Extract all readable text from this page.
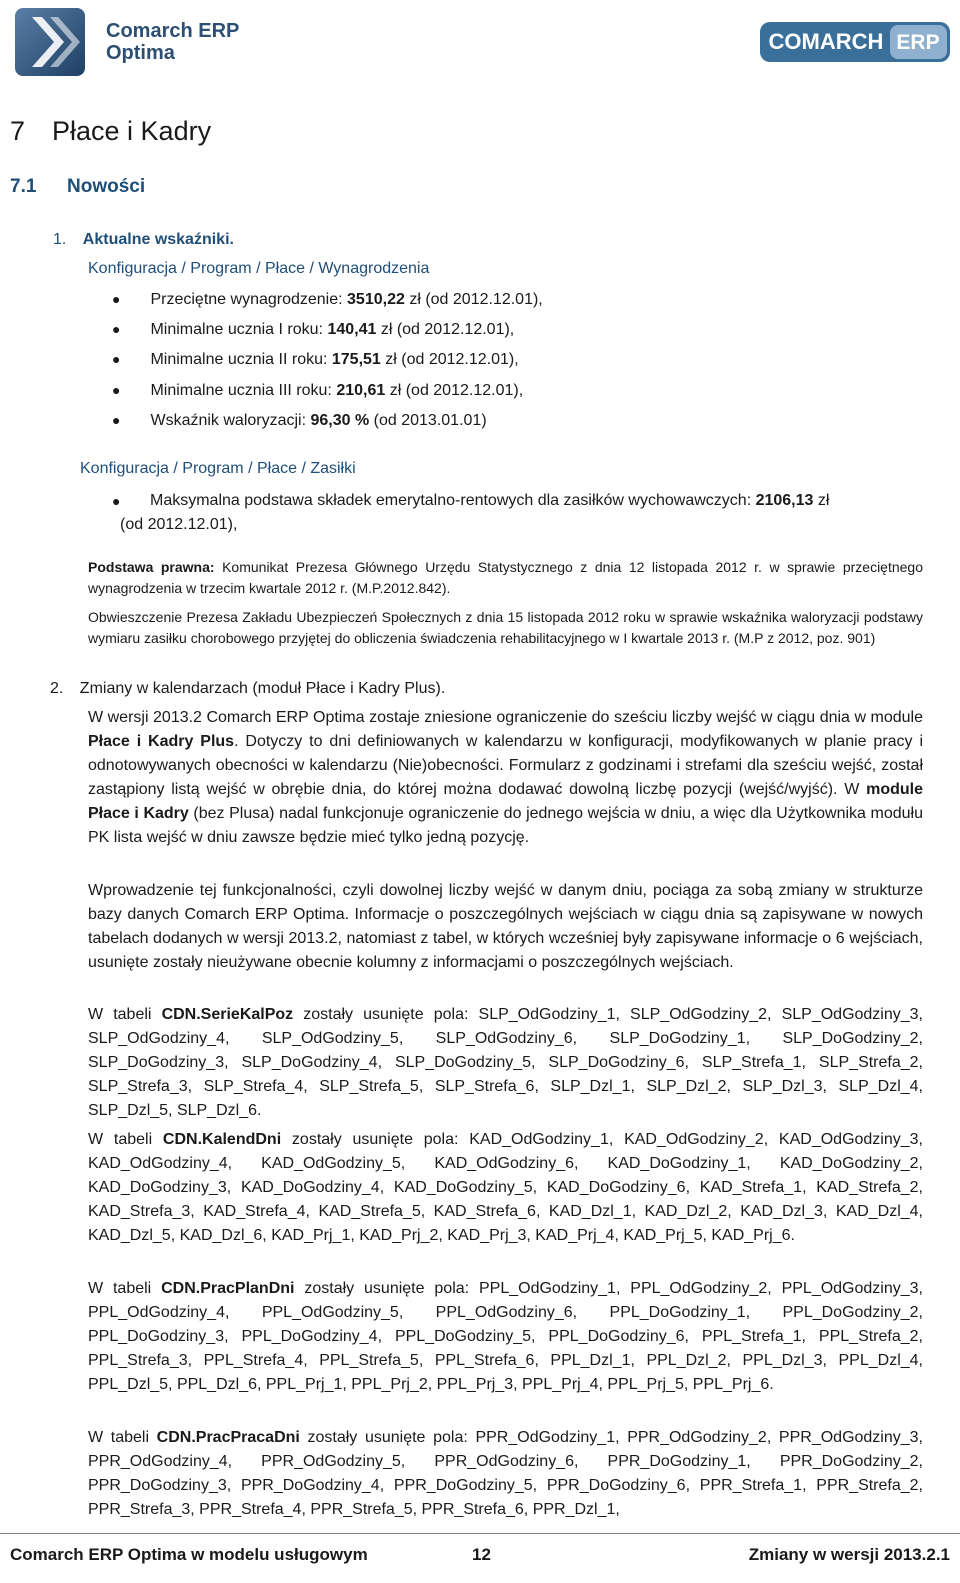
Comarch ERP
Optima	COMARCH ERP
7 Płace i Kadry
7.1 Nowości
1. Aktualne wskaźniki.
Konfiguracja / Program / Płace / Wynagrodzenia
● Przeciętne wynagrodzenie: 3510,22 zł (od 2012.12.01),
● Minimalne ucznia I roku: 140,41 zł (od 2012.12.01),
● Minimalne ucznia II roku: 175,51 zł (od 2012.12.01),
● Minimalne ucznia III roku: 210,61 zł (od 2012.12.01),
● Wskaźnik waloryzacji: 96,30 % (od 2013.01.01)
Konfiguracja / Program / Płace / Zasiłki
●	Maksymalna podstawa składek emerytalno-rentowych dla zasiłków wychowawczych: 2106,13 zł
(od 2012.12.01),
Podstawa prawna: Komunikat Prezesa Głównego Urzędu Statystycznego z dnia 12 listopada 2012 r. w sprawie przeciętnego wynagrodzenia w trzecim kwartale 2012 r. (M.P.2012.842).
Obwieszczenie Prezesa Zakładu Ubezpieczeń Społecznych z dnia 15 listopada 2012 roku w sprawie wskaźnika waloryzacji podstawy wymiaru zasiłku chorobowego przyjętej do obliczenia świadczenia rehabilitacyjnego w I kwartale 2013 r. (M.P z 2012, poz. 901)
2. Zmiany w kalendarzach (moduł Płace i Kadry Plus).
W wersji 2013.2 Comarch ERP Optima zostaje zniesione ograniczenie do sześciu liczby wejść w ciągu dnia w module Płace i Kadry Plus. Dotyczy to dni definiowanych w kalendarzu w konfiguracji, modyfikowanych w planie pracy i odnotowywanych obecności w kalendarzu (Nie)obecności. Formularz z godzinami i strefami dla sześciu wejść, został zastąpiony listą wejść w obrębie dnia, do której można dodawać dowolną liczbę pozycji (wejść/wyjść). W module Płace i Kadry (bez Plusa) nadal funkcjonuje ograniczenie do jednego wejścia w dniu, a więc dla Użytkownika modułu PK lista wejść w dniu zawsze będzie mieć tylko jedną pozycję.
Wprowadzenie tej funkcjonalności, czyli dowolnej liczby wejść w danym dniu, pociąga za sobą zmiany w strukturze bazy danych Comarch ERP Optima. Informacje o poszczególnych wejściach w ciągu dnia są zapisywane w nowych tabelach dodanych w wersji 2013.2, natomiast z tabel, w których wcześniej były zapisywane informacje o 6 wejściach, usunięte zostały nieużywane obecnie kolumny z informacjami o poszczególnych wejściach.
W tabeli CDN.SerieKalPoz zostały usunięte pola: SLP_OdGodziny_1, SLP_OdGodziny_2, SLP_OdGodziny_3, SLP_OdGodziny_4, SLP_OdGodziny_5, SLP_OdGodziny_6, SLP_DoGodziny_1, SLP_DoGodziny_2, SLP_DoGodziny_3, SLP_DoGodziny_4, SLP_DoGodziny_5, SLP_DoGodziny_6, SLP_Strefa_1, SLP_Strefa_2, SLP_Strefa_3, SLP_Strefa_4, SLP_Strefa_5, SLP_Strefa_6, SLP_Dzl_1, SLP_Dzl_2, SLP_Dzl_3, SLP_Dzl_4, SLP_Dzl_5, SLP_Dzl_6.
W tabeli CDN.KalendDni zostały usunięte pola: KAD_OdGodziny_1, KAD_OdGodziny_2, KAD_OdGodziny_3, KAD_OdGodziny_4, KAD_OdGodziny_5, KAD_OdGodziny_6, KAD_DoGodziny_1, KAD_DoGodziny_2, KAD_DoGodziny_3, KAD_DoGodziny_4, KAD_DoGodziny_5, KAD_DoGodziny_6, KAD_Strefa_1, KAD_Strefa_2, KAD_Strefa_3, KAD_Strefa_4, KAD_Strefa_5, KAD_Strefa_6, KAD_Dzl_1, KAD_Dzl_2, KAD_Dzl_3, KAD_Dzl_4, KAD_Dzl_5, KAD_Dzl_6, KAD_Prj_1, KAD_Prj_2, KAD_Prj_3, KAD_Prj_4, KAD_Prj_5, KAD_Prj_6.
W tabeli CDN.PracPlanDni zostały usunięte pola: PPL_OdGodziny_1, PPL_OdGodziny_2, PPL_OdGodziny_3, PPL_OdGodziny_4, PPL_OdGodziny_5, PPL_OdGodziny_6, PPL_DoGodziny_1, PPL_DoGodziny_2, PPL_DoGodziny_3, PPL_DoGodziny_4, PPL_DoGodziny_5, PPL_DoGodziny_6, PPL_Strefa_1, PPL_Strefa_2, PPL_Strefa_3, PPL_Strefa_4, PPL_Strefa_5, PPL_Strefa_6, PPL_Dzl_1, PPL_Dzl_2, PPL_Dzl_3, PPL_Dzl_4, PPL_Dzl_5, PPL_Dzl_6, PPL_Prj_1, PPL_Prj_2, PPL_Prj_3, PPL_Prj_4, PPL_Prj_5, PPL_Prj_6.
W tabeli CDN.PracPracaDni zostały usunięte pola: PPR_OdGodziny_1, PPR_OdGodziny_2, PPR_OdGodziny_3, PPR_OdGodziny_4, PPR_OdGodziny_5, PPR_OdGodziny_6, PPR_DoGodziny_1, PPR_DoGodziny_2, PPR_DoGodziny_3, PPR_DoGodziny_4, PPR_DoGodziny_5, PPR_DoGodziny_6, PPR_Strefa_1, PPR_Strefa_2, PPR_Strefa_3, PPR_Strefa_4, PPR_Strefa_5, PPR_Strefa_6, PPR_Dzl_1,
Comarch ERP Optima w modelu usługowym	12	Zmiany w wersji 2013.2.1
